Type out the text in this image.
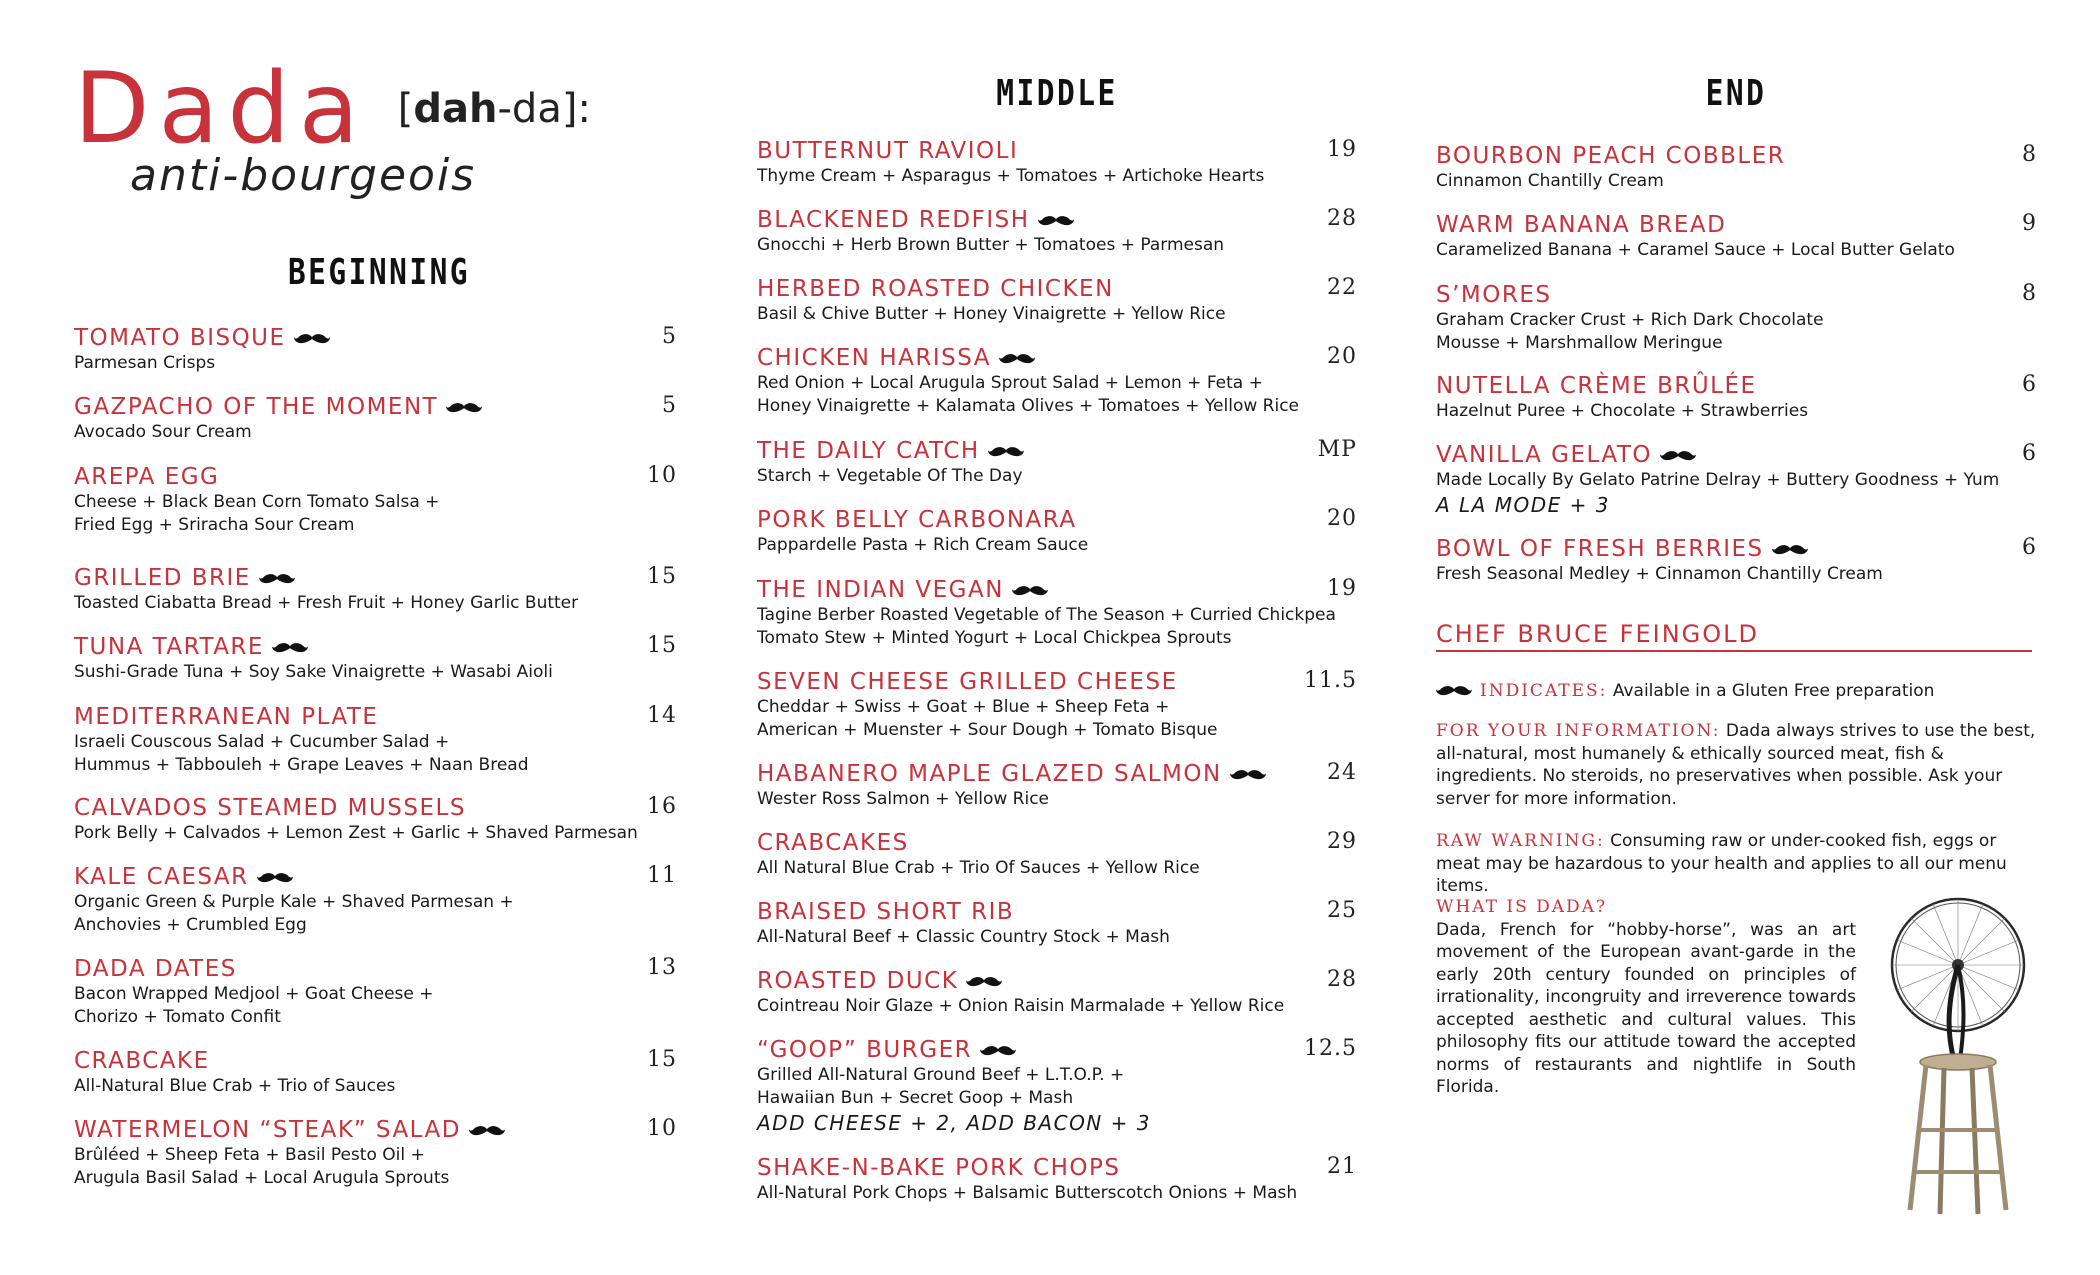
Dada [dah-da]:
anti-bourgeois
BEGINNING
TOMATO BISQUE
Parmesan Crisps
5
GAZPACHO OF THE MOMENT
Avocado Sour Cream
5
AREPA EGG
Cheese + Black Bean Corn Tomato Salsa +
Fried Egg + Sriracha Sour Cream
10
GRILLED BRIE
Toasted Ciabatta Bread + Fresh Fruit + Honey Garlic Butter
15
TUNA TARTARE
Sushi-Grade Tuna + Soy Sake Vinaigrette + Wasabi Aioli
15
MEDITERRANEAN PLATE
Israeli Couscous Salad + Cucumber Salad +
Hummus + Tabbouleh + Grape Leaves + Naan Bread
14
CALVADOS STEAMED MUSSELS
Pork Belly + Calvados + Lemon Zest + Garlic + Shaved Parmesan
16
KALE CAESAR
Organic Green & Purple Kale + Shaved Parmesan +
Anchovies + Crumbled Egg
11
DADA DATES
Bacon Wrapped Medjool + Goat Cheese +
Chorizo + Tomato Confit
13
CRABCAKE
All-Natural Blue Crab + Trio of Sauces
15
WATERMELON “STEAK” SALAD
Brûléed + Sheep Feta + Basil Pesto Oil +
Arugula Basil Salad + Local Arugula Sprouts
10
MIDDLE
BUTTERNUT RAVIOLI
Thyme Cream + Asparagus + Tomatoes + Artichoke Hearts
19
BLACKENED REDFISH
Gnocchi + Herb Brown Butter + Tomatoes + Parmesan
28
HERBED ROASTED CHICKEN
Basil & Chive Butter + Honey Vinaigrette + Yellow Rice
22
CHICKEN HARISSA
Red Onion + Local Arugula Sprout Salad + Lemon + Feta +
Honey Vinaigrette + Kalamata Olives + Tomatoes + Yellow Rice
20
THE DAILY CATCH
Starch + Vegetable Of The Day
MP
PORK BELLY CARBONARA
Pappardelle Pasta + Rich Cream Sauce
20
THE INDIAN VEGAN
Tagine Berber Roasted Vegetable of The Season + Curried Chickpea
Tomato Stew + Minted Yogurt + Local Chickpea Sprouts
19
SEVEN CHEESE GRILLED CHEESE
Cheddar + Swiss + Goat + Blue + Sheep Feta +
American + Muenster + Sour Dough + Tomato Bisque
11.5
HABANERO MAPLE GLAZED SALMON
Wester Ross Salmon + Yellow Rice
24
CRABCAKES
All Natural Blue Crab + Trio Of Sauces + Yellow Rice
29
BRAISED SHORT RIB
All-Natural Beef + Classic Country Stock + Mash
25
ROASTED DUCK
Cointreau Noir Glaze + Onion Raisin Marmalade + Yellow Rice
28
“GOOP” BURGER
Grilled All-Natural Ground Beef + L.T.O.P. +
Hawaiian Bun + Secret Goop + Mash
ADD CHEESE + 2, ADD BACON + 3
12.5
SHAKE-N-BAKE PORK CHOPS
All-Natural Pork Chops + Balsamic Butterscotch Onions + Mash
21
END
BOURBON PEACH COBBLER
Cinnamon Chantilly Cream
8
WARM BANANA BREAD
Caramelized Banana + Caramel Sauce + Local Butter Gelato
9
S’MORES
Graham Cracker Crust + Rich Dark Chocolate
Mousse + Marshmallow Meringue
8
NUTELLA CRÈME BRÛLÉE
Hazelnut Puree + Chocolate + Strawberries
6
VANILLA GELATO
Made Locally By Gelato Patrine Delray + Buttery Goodness + Yum
A LA MODE + 3
6
BOWL OF FRESH BERRIES
Fresh Seasonal Medley + Cinnamon Chantilly Cream
6
CHEF BRUCE FEINGOLD
INDICATES: Available in a Gluten Free preparation
FOR YOUR INFORMATION: Dada always strives to use the best, all-natural, most humanely & ethically sourced meat, fish & ingredients. No steroids, no preservatives when possible. Ask your server for more information.
RAW WARNING: Consuming raw or under-cooked fish, eggs or meat may be hazardous to your health and applies to all our menu items.
WHAT IS DADA?
Dada, French for “hobby-horse”, was an art movement of the European avant-garde in the early 20th century founded on principles of irrationality, incongruity and irreverence towards accepted aesthetic and cultural values. This philosophy fits our attitude toward the accepted norms of restaurants and nightlife in South Florida.
